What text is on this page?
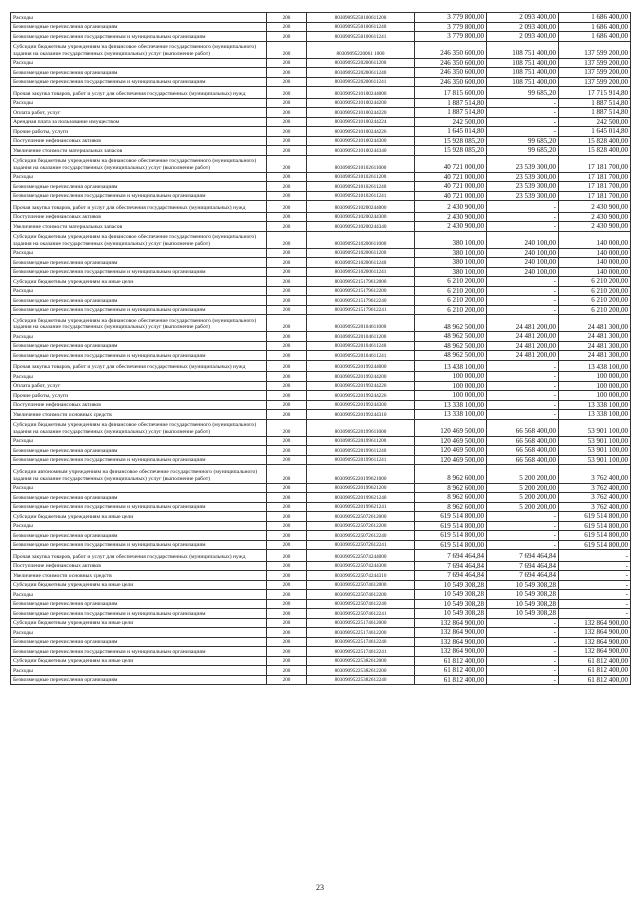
Расходы	200	80309095250100611200	3 779 800,00	2 093 400,00	1 686 400,00
Безвозмездные перечисления организациям	200	80309095250100611240	3 779 800,00	2 093 400,00	1 686 400,00
Безвозмездные перечисления государственным и муниципальным организациям	200	80309095250100611241	3 779 800,00	2 093 400,00	1 686 400,00
Субсидии бюджетным учреждениям на финансовое обеспечение государственного (муниципального) задания на оказание государственных (муниципальных) услуг (выполнение работ)	200	80309095220061 1000	246 350 600,00	108 751 400,00	137 599 200,00
Расходы	200	80309095220200611200	246 350 600,00	108 751 400,00	137 599 200,00
Безвозмездные перечисления организациям	200	80309095220200611240	246 350 600,00	108 751 400,00	137 599 200,00
Безвозмездные перечисления государственным и муниципальным организациям	200	80309095220200611241	246 350 600,00	108 751 400,00	137 599 200,00
Прочая закупка товаров, работ и услуг для обеспечения государственных (муниципальных) нужд	200	80309095210100244000	17 815 600,00	99 685,20	17 715 914,80
Расходы	200	80309095210100244200	1 887 514,80	-	1 887 514,80
Оплата работ, услуг	200	80309095210100244220	1 887 514,80	-	1 887 514,80
Арендная плата за пользование имуществом	200	80309095210100244224	242 500,00	-	242 500,00
Прочие работы, услуги	200	80309095210100244226	1 645 014,80	-	1 645 014,80
Поступление нефинансовых активов	200	80309095210100244300	15 928 085,20	99 685,20	15 828 400,00
Увеличение стоимости материальных запасов	200	80309095210100244340	15 928 085,20	99 685,20	15 828 400,00
Субсидии бюджетным учреждениям на финансовое обеспечение государственного (муниципального) задания на оказание государственных (муниципальных) услуг (выполнение работ)	200	80309095210102611000	40 721 000,00	23 539 300,00	17 181 700,00
Расходы	200	80309095210102611200	40 721 000,00	23 539 300,00	17 181 700,00
Безвозмездные перечисления организациям	200	80309095210102611240	40 721 000,00	23 539 300,00	17 181 700,00
Безвозмездные перечисления государственным и муниципальным организациям	200	80309095210102611241	40 721 000,00	23 539 300,00	17 181 700,00
Прочая закупка товаров, работ и услуг для обеспечения государственных (муниципальных) нужд	200	80309095210200244000	2 430 900,00	-	2 430 900,00
Поступление нефинансовых активов	200	80309095210200244300	2 430 900,00	-	2 430 900,00
Увеличение стоимости материальных запасов	200	80309095210200244340	2 430 900,00	-	2 430 900,00
Субсидии бюджетным учреждениям на финансовое обеспечение государственного (муниципального) задания на оказание государственных (муниципальных) услуг (выполнение работ)	200	80309095210200611000	380 100,00	240 100,00	140 000,00
Расходы	200	80309095210200611200	380 100,00	240 100,00	140 000,00
Безвозмездные перечисления организациям	200	80309095210200611240	380 100,00	240 100,00	140 000,00
Безвозмездные перечисления государственным и муниципальным организациям	200	80309095210200611241	380 100,00	240 100,00	140 000,00
Субсидии бюджетным учреждениям на иные цели	200	80309095215179612000	6 210 200,00	-	6 210 200,00
Расходы	200	80309095215179612200	6 210 200,00	-	6 210 200,00
Безвозмездные перечисления организациям	200	80309095215179612240	6 210 200,00	-	6 210 200,00
Безвозмездные перечисления государственным и муниципальным организациям	200	80309095215179612241	6 210 200,00	-	6 210 200,00
Субсидии бюджетным учреждениям на финансовое обеспечение государственного (муниципального) задания на оказание государственных (муниципальных) услуг (выполнение работ)	200	80309095220104611000	48 962 500,00	24 481 200,00	24 481 300,00
Расходы	200	80309095220104611200	48 962 500,00	24 481 200,00	24 481 300,00
Безвозмездные перечисления организациям	200	80309095220104611240	48 962 500,00	24 481 200,00	24 481 300,00
Безвозмездные перечисления государственным и муниципальным организациям	200	80309095220104611241	48 962 500,00	24 481 200,00	24 481 300,00
Прочая закупка товаров, работ и услуг для обеспечения государственных (муниципальных) нужд	200	80309095220199244000	13 438 100,00	-	13 438 100,00
Расходы	200	80309095220199244200	100 000,00	-	100 000,00
Оплата работ, услуг	200	80309095220199244220	100 000,00	-	100 000,00
Прочие работы, услуги	200	80309095220199244226	100 000,00	-	100 000,00
Поступление нефинансовых активов	200	80309095220199244300	13 338 100,00	-	13 338 100,00
Увеличение стоимости основных средств	200	80309095220199244310	13 338 100,00	-	13 338 100,00
Субсидии бюджетным учреждениям на финансовое обеспечение государственного (муниципального) задания на оказание государственных (муниципальных) услуг (выполнение работ)	200	80309095220199611000	120 469 500,00	66 568 400,00	53 901 100,00
Расходы	200	80309095220199611200	120 469 500,00	66 568 400,00	53 901 100,00
Безвозмездные перечисления организациям	200	80309095220199611240	120 469 500,00	66 568 400,00	53 901 100,00
Безвозмездные перечисления государственным и муниципальным организациям	200	80309095220199611241	120 469 500,00	66 568 400,00	53 901 100,00
Субсидии автономным учреждениям на финансовое обеспечение государственного (муниципального) задания на оказание государственных (муниципальных) услуг (выполнение работ)	200	80309095220199621000	8 962 600,00	5 200 200,00	3 762 400,00
Расходы	200	80309095220199621200	8 962 600,00	5 200 200,00	3 762 400,00
Безвозмездные перечисления организациям	200	80309095220199621240	8 962 600,00	5 200 200,00	3 762 400,00
Безвозмездные перечисления государственным и муниципальным организациям	200	80309095220199621241	8 962 600,00	5 200 200,00	3 762 400,00
Субсидии бюджетным учреждениям на иные цели	200	80309095225072612000	619 514 800,00	-	619 514 800,00
Расходы	200	80309095225072612200	619 514 800,00	-	619 514 800,00
Безвозмездные перечисления организациям	200	80309095225072612240	619 514 800,00	-	619 514 800,00
Безвозмездные перечисления государственным и муниципальным организациям	200	80309095225072612241	619 514 800,00	-	619 514 800,00
Прочая закупка товаров, работ и услуг для обеспечения государственных (муниципальных) нужд	200	80309095225074244000	7 694 464,84	7 694 464,84	-
Поступление нефинансовых активов	200	80309095225074244300	7 694 464,84	7 694 464,84	-
Увеличение стоимости основных средств	200	80309095225074244310	7 694 464,84	7 694 464,84	-
Субсидии бюджетным учреждениям на иные цели	200	80309095225074612000	10 549 308,28	10 549 308,28	-
Расходы	200	80309095225074612200	10 549 308,28	10 549 308,28	-
Безвозмездные перечисления организациям	200	80309095225074612240	10 549 308,28	10 549 308,28	-
Безвозмездные перечисления государственным и муниципальным организациям	200	80309095225074612241	10 549 308,28	10 549 308,28	-
Субсидии бюджетным учреждениям на иные цели	200	80309095225174612000	132 864 900,00	-	132 864 900,00
Расходы	200	80309095225174612200	132 864 900,00	-	132 864 900,00
Безвозмездные перечисления организациям	200	80309095225174612240	132 864 900,00	-	132 864 900,00
Безвозмездные перечисления государственным и муниципальным организациям	200	80309095225174612241	132 864 900,00	-	132 864 900,00
Субсидии бюджетным учреждениям на иные цели	200	80309095225382612000	61 812 400,00	-	61 812 400,00
Расходы	200	80309095225382612200	61 812 400,00	-	61 812 400,00
Безвозмездные перечисления организациям	200	80309095225382612240	61 812 400,00	-	61 812 400,00
23
